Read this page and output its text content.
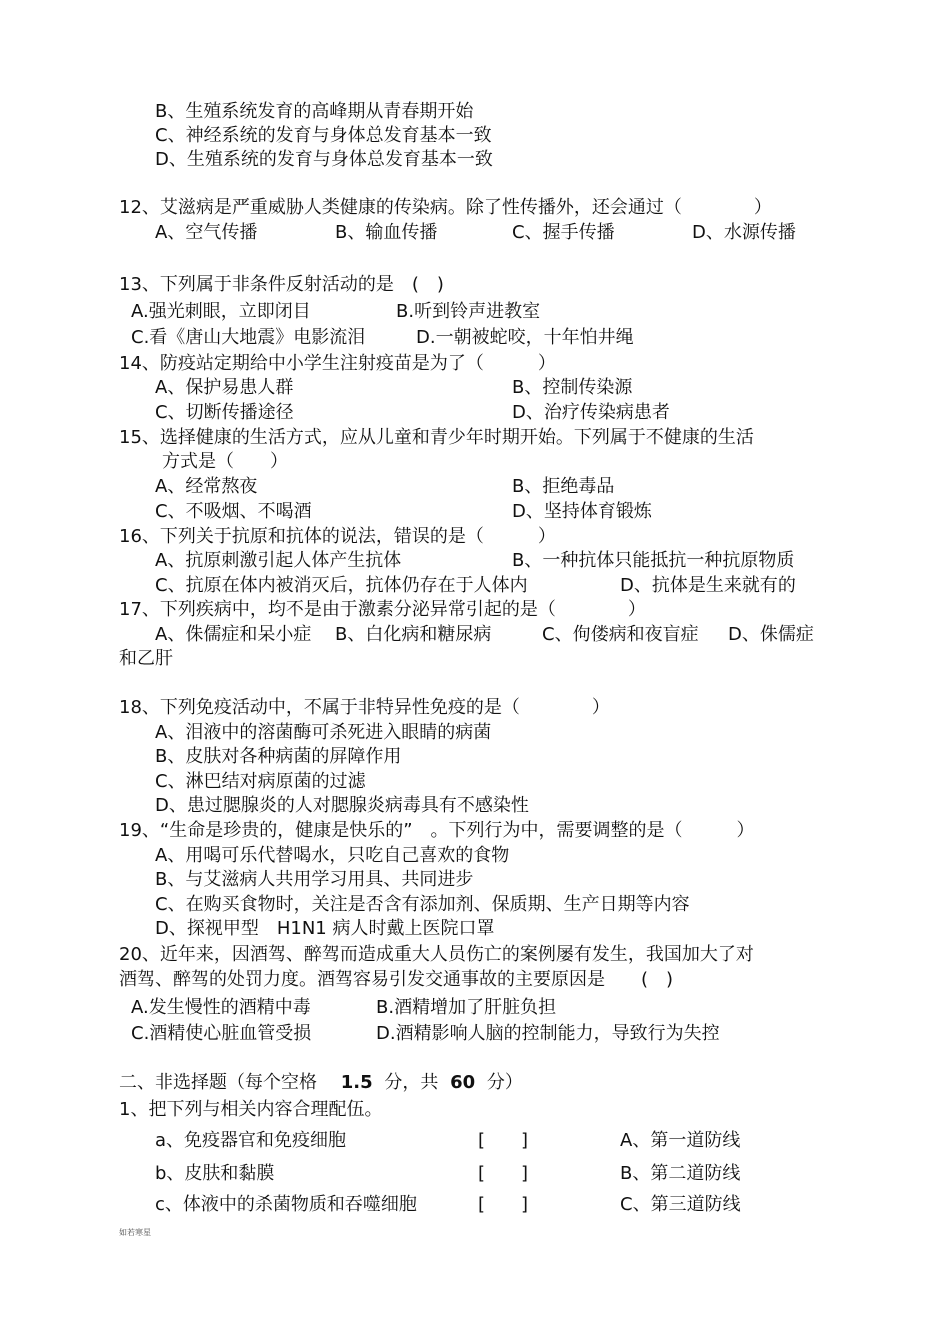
B、生殖系统发育的高峰期从青春期开始
C、神经系统的发育与身体总发育基本一致
D、生殖系统的发育与身体总发育基本一致
12、艾滋病是严重威胁人类健康的传染病。除了性传播外，还会通过（　　　　）
A、空气传播	B、输血传播	C、握手传播	D、水源传播
13、下列属于非条件反射活动的是　(　)
A.强光刺眼，立即闭目	B.听到铃声进教室
C.看《唐山大地震》电影流泪	D.一朝被蛇咬，十年怕井绳
14、防疫站定期给中小学生注射疫苗是为了（　　　）
A、保护易患人群	B、控制传染源
C、切断传播途径	D、治疗传染病患者
15、选择健康的生活方式，应从儿童和青少年时期开始。下列属于不健康的生活
方式是（　　）
A、经常熬夜	B、拒绝毒品
C、不吸烟、不喝酒	D、坚持体育锻炼
16、下列关于抗原和抗体的说法，错误的是（　　　）
A、抗原刺激引起人体产生抗体	B、一种抗体只能抵抗一种抗原物质
C、抗原在体内被消灭后，抗体仍存在于人体内	D、抗体是生来就有的
17、下列疾病中，均不是由于激素分泌异常引起的是（　　　　）
A、侏儒症和呆小症 B、白化病和糖尿病	C、佝偻病和夜盲症 D、侏儒症
和乙肝
18、下列免疫活动中，不属于非特异性免疫的是（　　　　）
A、泪液中的溶菌酶可杀死进入眼睛的病菌
B、皮肤对各种病菌的屏障作用
C、淋巴结对病原菌的过滤
D、患过腮腺炎的人对腮腺炎病毒具有不感染性
19、“生命是珍贵的，健康是快乐的”　。下列行为中，需要调整的是（　　　）
A、用喝可乐代替喝水，只吃自己喜欢的食物
B、与艾滋病人共用学习用具、共同进步
C、在购买食物时，关注是否含有添加剂、保质期、生产日期等内容
D、探视甲型　H1N1 病人时戴上医院口罩
20、近年来，因酒驾、醉驾而造成重大人员伤亡的案例屡有发生，我国加大了对
酒驾、醉驾的处罚力度。酒驾容易引发交通事故的主要原因是　　(　)
A.发生慢性的酒精中毒	B.酒精增加了肝脏负担
C.酒精使心脏血管受损	D.酒精影响人脑的控制能力，导致行为失控
二、非选择题（每个空格 1.5 分，共 60 分）
1、把下列与相关内容合理配伍。
a、免疫器官和免疫细胞	[　　]	A、第一道防线
b、皮肤和黏膜	[　　]	B、第二道防线
c、体液中的杀菌物质和吞噬细胞	[　　]	C、第三道防线
如若寒星
